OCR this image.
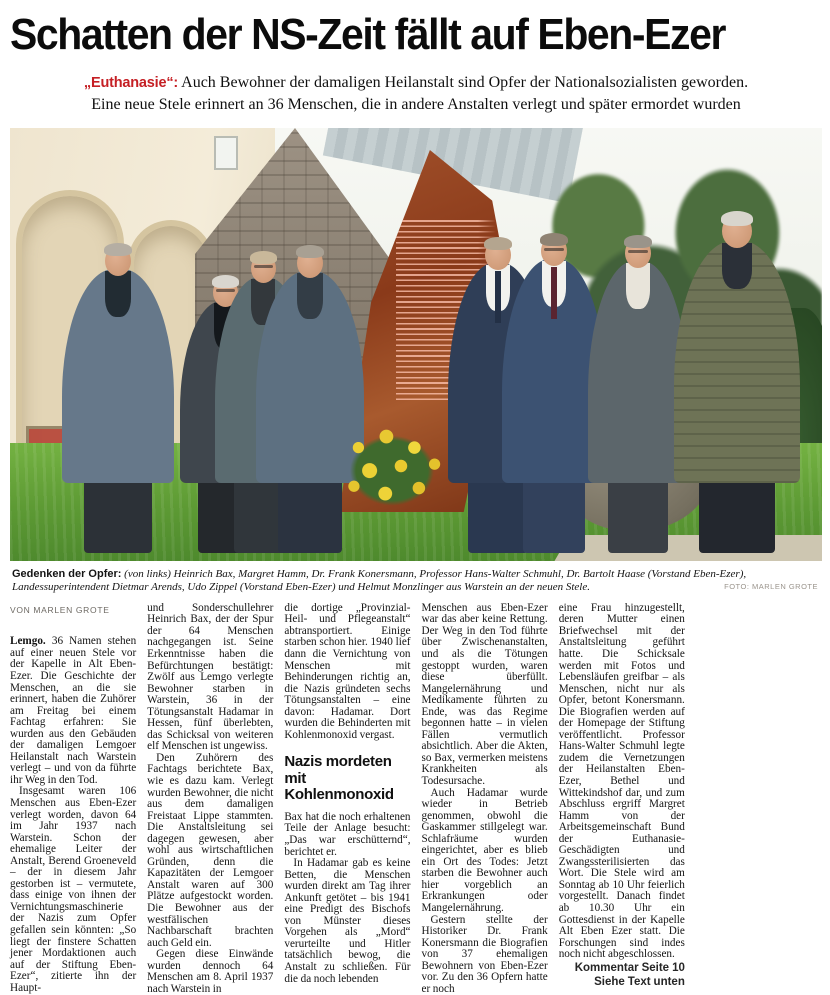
Schatten der NS-Zeit fällt auf Eben-Ezer
„Euthanasie“: Auch Bewohner der damaligen Heilanstalt sind Opfer der Nationalsozialisten geworden.
Eine neue Stele erinnert an 36 Menschen, die in andere Anstalten verlegt und später ermordet wurden
Gedenken der Opfer: (von links) Heinrich Bax, Margret Hamm, Dr. Frank Konersmann, Professor Hans-Walter Schmuhl, Dr. Bartolt Haase (Vorstand Eben-Ezer), Landessuperintendent Dietmar Arends, Udo Zippel (Vorstand Eben-Ezer) und Helmut Monzlinger aus Warstein an der neuen Stele.	FOTO: MARLEN GROTE
VON MARLEN GROTE

Lemgo. 36 Namen stehen auf einer neuen Stele vor der Kapelle in Alt Eben-Ezer. Die Geschichte der Menschen, an die sie erinnert, haben die Zuhörer am Freitag bei einem Fachtag erfahren: Sie wurden aus den Gebäuden der damaligen Lemgoer Heilanstalt nach Warstein verlegt – und von da führte ihr Weg in den Tod.

Insgesamt waren 106 Menschen aus Eben-Ezer verlegt worden, davon 64 im Jahr 1937 nach Warstein. Schon der ehemalige Leiter der Anstalt, Berend Groeneveld – der in diesem Jahr gestorben ist – vermutete, dass einige von ihnen der Vernichtungsmaschinerie der Nazis zum Opfer gefallen sein könnten: „So liegt der finstere Schatten jener Mordaktionen auch auf der Stiftung Eben-Ezer“, zitierte ihn der Haupt-

und Sonderschullehrer Heinrich Bax, der der Spur der 64 Menschen nachgegangen ist. Seine Erkenntnisse haben die Befürchtungen bestätigt: Zwölf aus Lemgo verlegte Bewohner starben in Warstein, 36 in der Tötungsanstalt Hadamar in Hessen, fünf überlebten, das Schicksal von weiteren elf Menschen ist ungewiss.

Den Zuhörern des Fachtags berichtete Bax, wie es dazu kam. Verlegt wurden Bewohner, die nicht aus dem damaligen Freistaat Lippe stammten. Die Anstaltsleitung sei dagegen gewesen, aber wohl aus wirtschaftlichen Gründen, denn die Kapazitäten der Lemgoer Anstalt waren auf 300 Plätze aufgestockt worden. Die Bewohner aus der westfälischen Nachbarschaft brachten auch Geld ein.

Gegen diese Einwände wurden dennoch 64 Menschen am 8. April 1937 nach Warstein in

die dortige „Provinzial-Heil- und Pflegeanstalt“ abtransportiert. Einige starben schon hier. 1940 lief dann die Vernichtung von Menschen mit Behinderungen richtig an, die Nazis gründeten sechs Tötungsanstalten – eine davon: Hadamar. Dort wurden die Behinderten mit Kohlenmonoxid vergast.

Nazis mordeten mit Kohlenmonoxid

Bax hat die noch erhaltenen Teile der Anlage besucht: „Das war erschütternd“, berichtet er.

In Hadamar gab es keine Betten, die Menschen wurden direkt am Tag ihrer Ankunft getötet – bis 1941 eine Predigt des Bischofs von Münster dieses Vorgehen als „Mord“ verurteilte und Hitler tatsächlich bewog, die Anstalt zu schließen. Für die da noch lebenden

Menschen aus Eben-Ezer war das aber keine Rettung. Der Weg in den Tod führte über Zwischenanstalten, und als die Tötungen gestoppt wurden, waren diese überfüllt. Mangelernährung und Medikamente führten zu Ende, was das Regime begonnen hatte – in vielen Fällen vermutlich absichtlich. Aber die Akten, so Bax, vermerken meistens Krankheiten als Todesursache.

Auch Hadamar wurde wieder in Betrieb genommen, obwohl die Gaskammer stillgelegt war. Schlafräume wurden eingerichtet, aber es blieb ein Ort des Todes: Jetzt starben die Bewohner auch hier vorgeblich an Erkrankungen oder Mangelernährung.

Gestern stellte der Historiker Dr. Frank Konersmann die Biografien von 37 ehemaligen Bewohnern von Eben-Ezer vor. Zu den 36 Opfern hatte er noch

eine Frau hinzugestellt, deren Mutter einen Briefwechsel mit der Anstaltsleitung geführt hatte. Die Schicksale werden mit Fotos und Lebensläufen greifbar – als Menschen, nicht nur als Opfer, betont Konersmann. Die Biografien werden auf der Homepage der Stiftung veröffentlicht. Professor Hans-Walter Schmuhl legte zudem die Vernetzungen der Heilanstalten Eben-Ezer, Bethel und Wittekindshof dar, und zum Abschluss ergriff Margret Hamm von der Arbeitsgemeinschaft Bund der Euthanasie-Geschädigten und Zwangssterilisierten das Wort. Die Stele wird am Sonntag ab 10 Uhr feierlich vorgestellt. Danach findet ab 10.30 Uhr ein Gottesdienst in der Kapelle Alt Eben Ezer statt. Die Forschungen sind indes noch nicht abgeschlossen.

Kommentar Seite 10

Siehe Text unten
